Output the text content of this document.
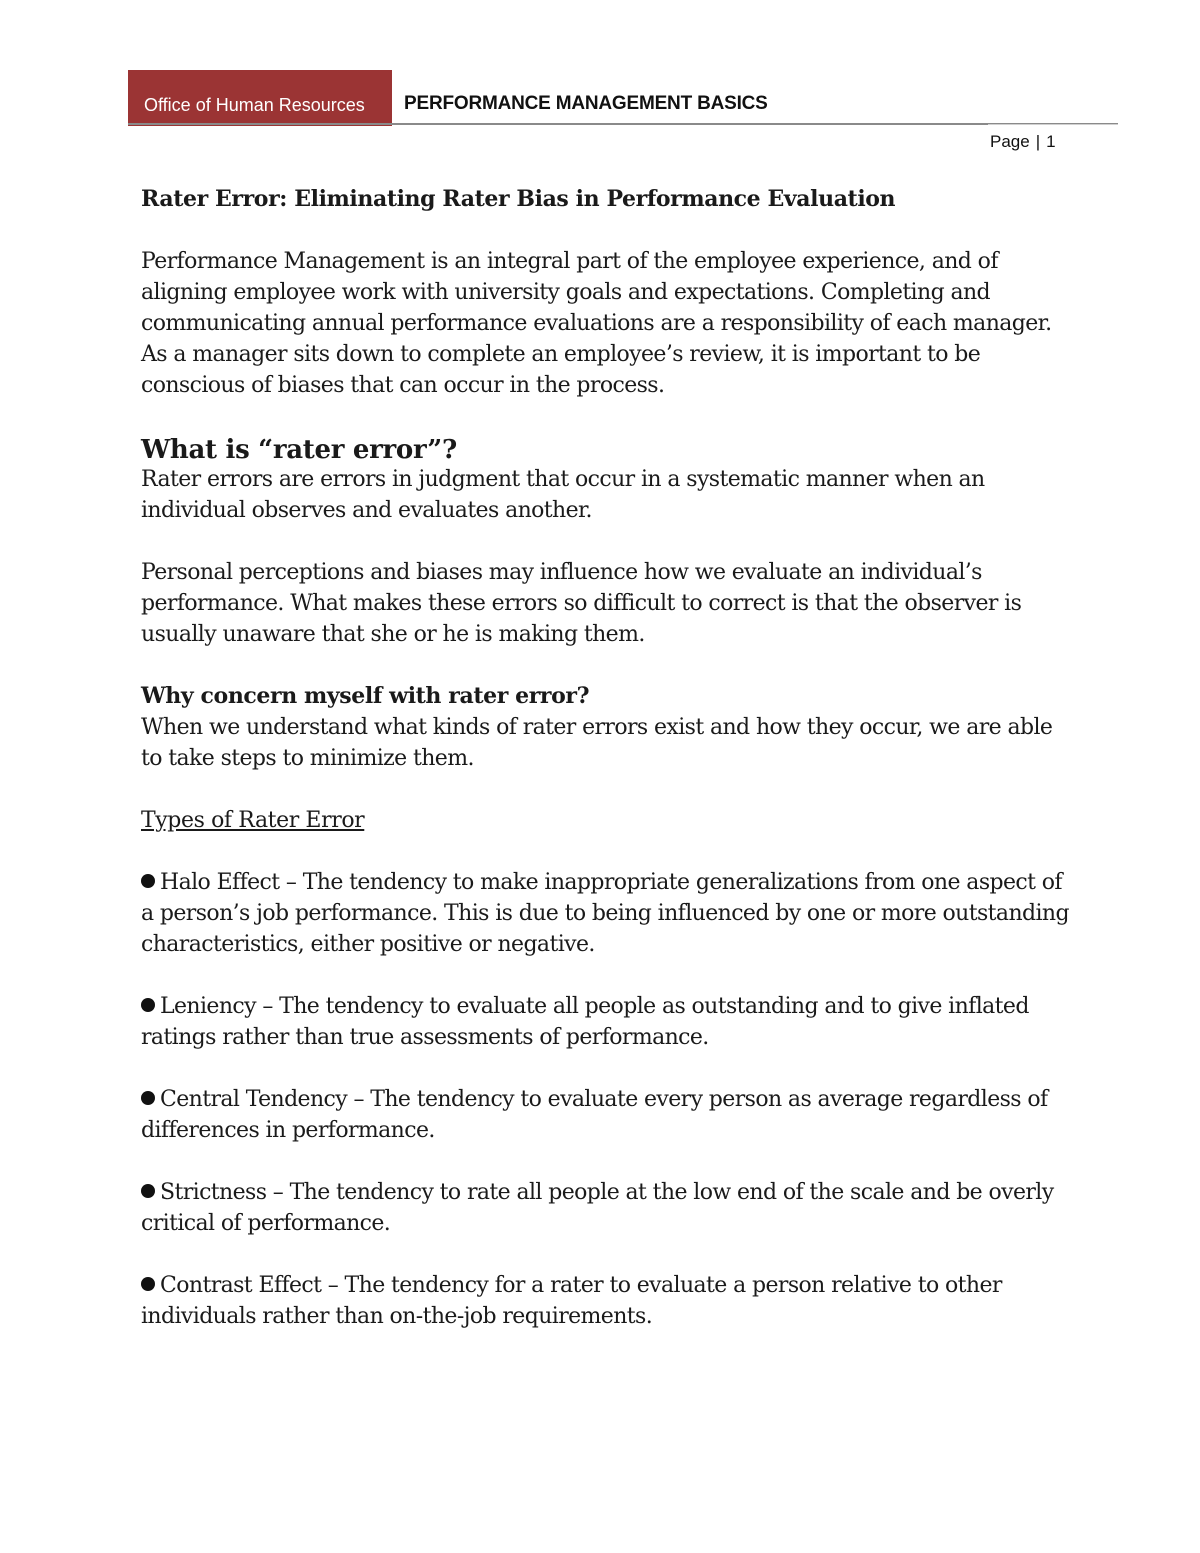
Office of Human Resources	PERFORMANCE MANAGEMENT BASICS
Page | 1

Rater Error: Eliminating Rater Bias in Performance Evaluation

Performance Management is an integral part of the employee experience, and of aligning employee work with university goals and expectations. Completing and communicating annual performance evaluations are a responsibility of each manager. As a manager sits down to complete an employee’s review, it is important to be conscious of biases that can occur in the process.

What is “rater error”?

Rater errors are errors in judgment that occur in a systematic manner when an individual observes and evaluates another.

Personal perceptions and biases may influence how we evaluate an individual’s performance. What makes these errors so difficult to correct is that the observer is usually unaware that she or he is making them.

Why concern myself with rater error?

When we understand what kinds of rater errors exist and how they occur, we are able to take steps to minimize them.

Types of Rater Error

Halo Effect – The tendency to make inappropriate generalizations from one aspect of a person’s job performance. This is due to being influenced by one or more outstanding characteristics, either positive or negative.

Leniency – The tendency to evaluate all people as outstanding and to give inflated ratings rather than true assessments of performance.

Central Tendency – The tendency to evaluate every person as average regardless of differences in performance.

Strictness – The tendency to rate all people at the low end of the scale and be overly critical of performance.

Contrast Effect – The tendency for a rater to evaluate a person relative to other individuals rather than on-the-job requirements.
